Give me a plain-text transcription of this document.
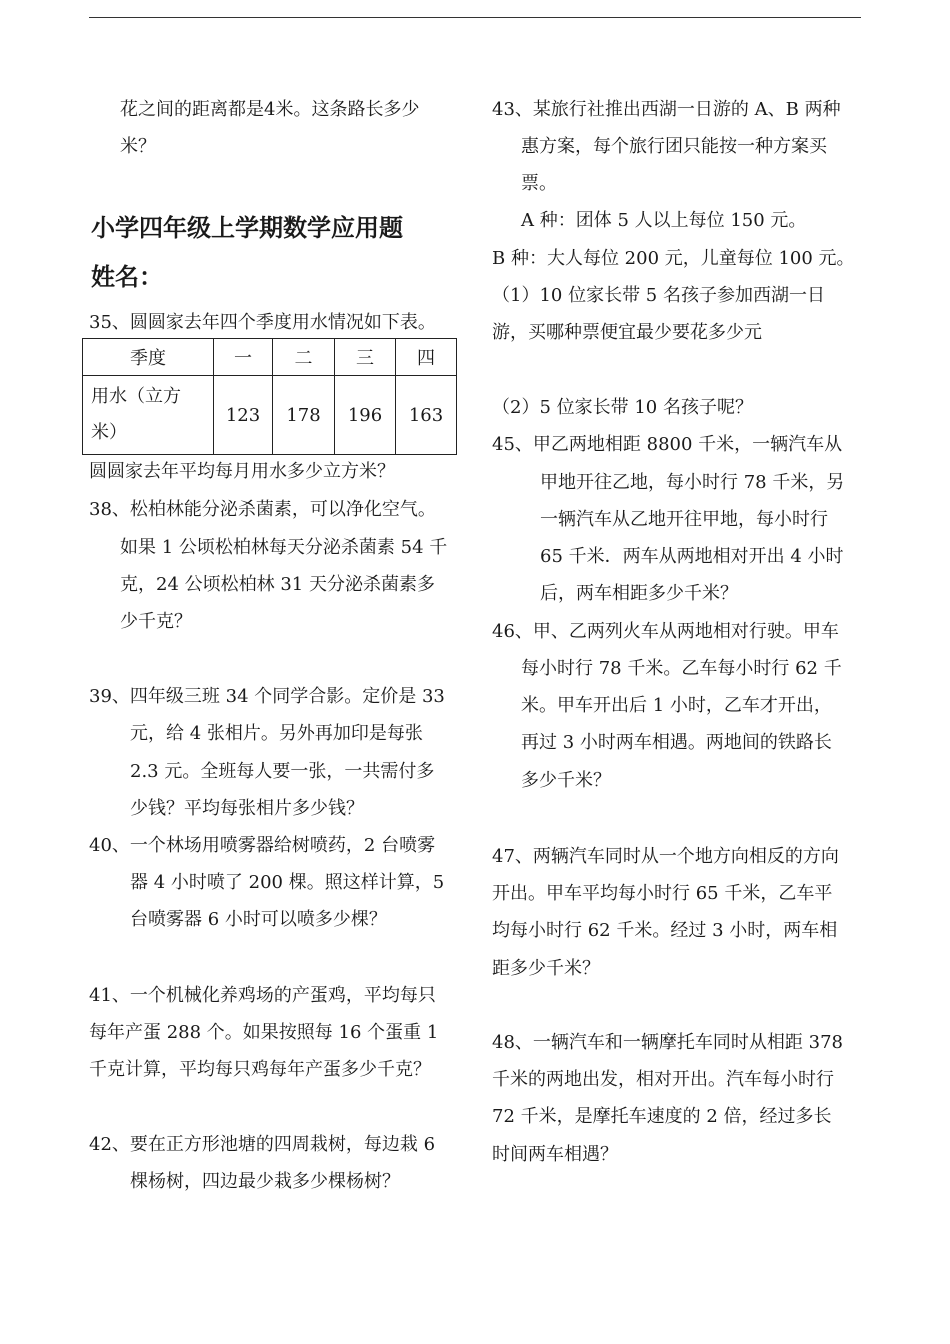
花之间的距离都是4米。这条路长多少
米？
小学四年级上学期数学应用题
姓名：
35、圆圆家去年四个季度用水情况如下表。
季度	一	二	三	四
用水（立方
米）	123	178	196	163
圆圆家去年平均每月用水多少立方米？
38、松柏林能分泌杀菌素，可以净化空气。
如果 1 公顷松柏林每天分泌杀菌素 54 千
克，24 公顷松柏林 31 天分泌杀菌素多
少千克？
39、四年级三班 34 个同学合影。定价是 33
元，给 4 张相片。另外再加印是每张
2.3 元。全班每人要一张，一共需付多
少钱？平均每张相片多少钱？
40、一个林场用喷雾器给树喷药，2 台喷雾
器 4 小时喷了 200 棵。照这样计算，5
台喷雾器 6 小时可以喷多少棵？
41、一个机械化养鸡场的产蛋鸡，平均每只
每年产蛋 288 个。如果按照每 16 个蛋重 1
千克计算，平均每只鸡每年产蛋多少千克？
42、要在正方形池塘的四周栽树，每边栽 6
棵杨树，四边最少栽多少棵杨树？
43、某旅行社推出西湖一日游的 A、B 两种
惠方案，每个旅行团只能按一种方案买
票。
A 种：团体 5 人以上每位 150 元。
B 种：大人每位 200 元，儿童每位 100 元。
（1）10 位家长带 5 名孩子参加西湖一日
游，买哪种票便宜最少要花多少元
（2）5 位家长带 10 名孩子呢？
45、甲乙两地相距 8800 千米，一辆汽车从
甲地开往乙地，每小时行 78 千米，另
一辆汽车从乙地开往甲地，每小时行
65 千米．两车从两地相对开出 4 小时
后，两车相距多少千米？
46、甲、乙两列火车从两地相对行驶。甲车
每小时行 78 千米。乙车每小时行 62 千
米。甲车开出后 1 小时，乙车才开出，
再过 3 小时两车相遇。两地间的铁路长
多少千米？
47、两辆汽车同时从一个地方向相反的方向
开出。甲车平均每小时行 65 千米，乙车平
均每小时行 62 千米。经过 3 小时，两车相
距多少千米？
48、一辆汽车和一辆摩托车同时从相距 378
千米的两地出发，相对开出。汽车每小时行
72 千米，是摩托车速度的 2 倍，经过多长
时间两车相遇？
